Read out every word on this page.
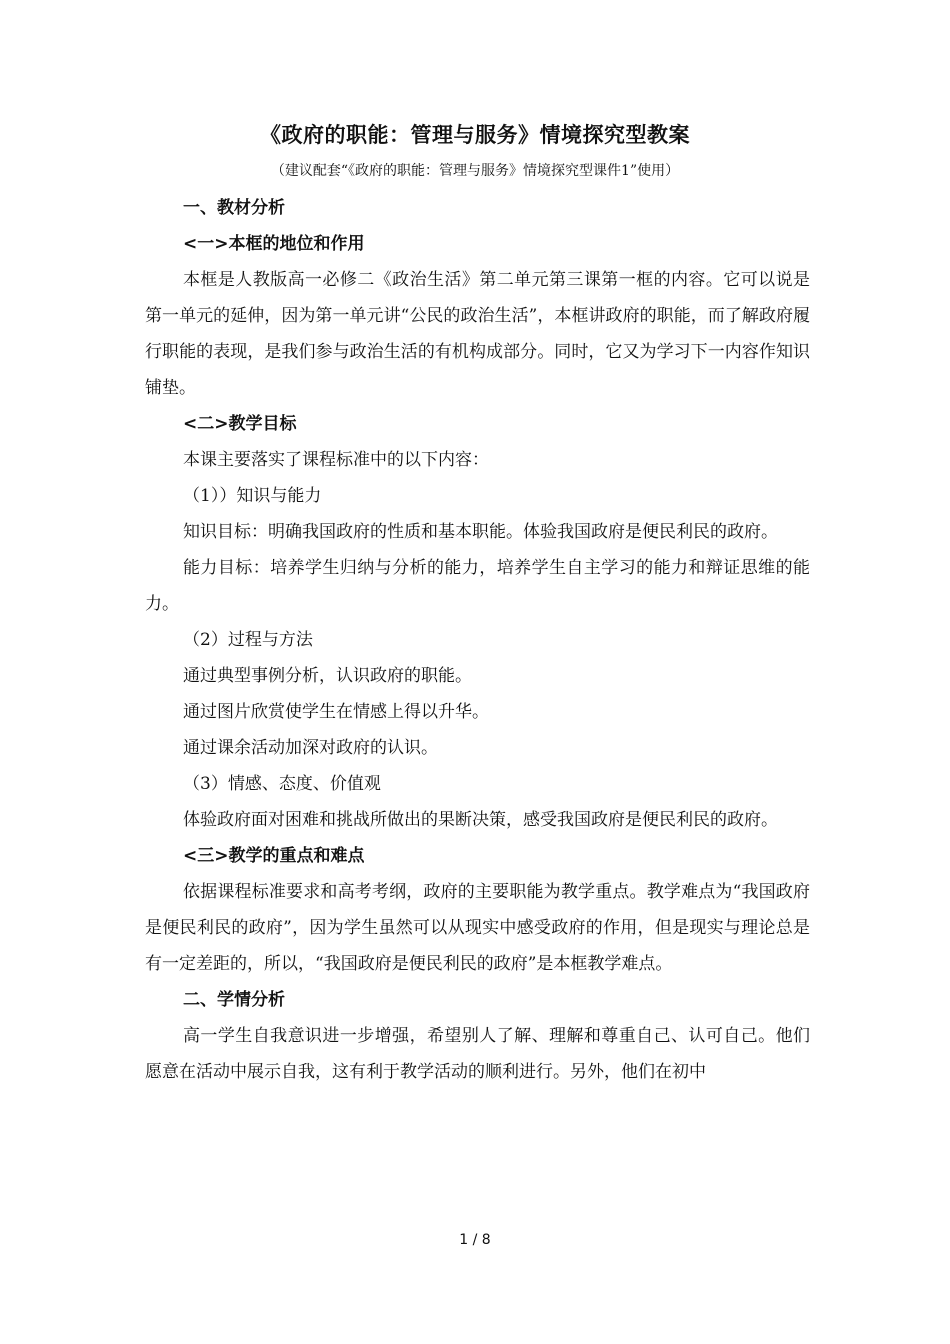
《政府的职能：管理与服务》情境探究型教案
（建议配套“《政府的职能：管理与服务》情境探究型课件1”使用）
一、教材分析
<一>本框的地位和作用
本框是人教版高一必修二《政治生活》第二单元第三课第一框的内容。它可以说是第一单元的延伸，因为第一单元讲“公民的政治生活”，本框讲政府的职能，而了解政府履行职能的表现，是我们参与政治生活的有机构成部分。同时，它又为学习下一内容作知识铺垫。
<二>教学目标
本课主要落实了课程标准中的以下内容：
（1））知识与能力
知识目标：明确我国政府的性质和基本职能。体验我国政府是便民利民的政府。
能力目标：培养学生归纳与分析的能力，培养学生自主学习的能力和辩证思维的能力。
（2）过程与方法
通过典型事例分析，认识政府的职能。
通过图片欣赏使学生在情感上得以升华。
通过课余活动加深对政府的认识。
（3）情感、态度、价值观
体验政府面对困难和挑战所做出的果断决策，感受我国政府是便民利民的政府。
<三>教学的重点和难点
依据课程标准要求和高考考纲，政府的主要职能为教学重点。教学难点为“我国政府是便民利民的政府”，因为学生虽然可以从现实中感受政府的作用，但是现实与理论总是有一定差距的，所以，“我国政府是便民利民的政府”是本框教学难点。
二、学情分析
高一学生自我意识进一步增强，希望别人了解、理解和尊重自己、认可自己。他们愿意在活动中展示自我，这有利于教学活动的顺利进行。另外，他们在初中
1 / 8
